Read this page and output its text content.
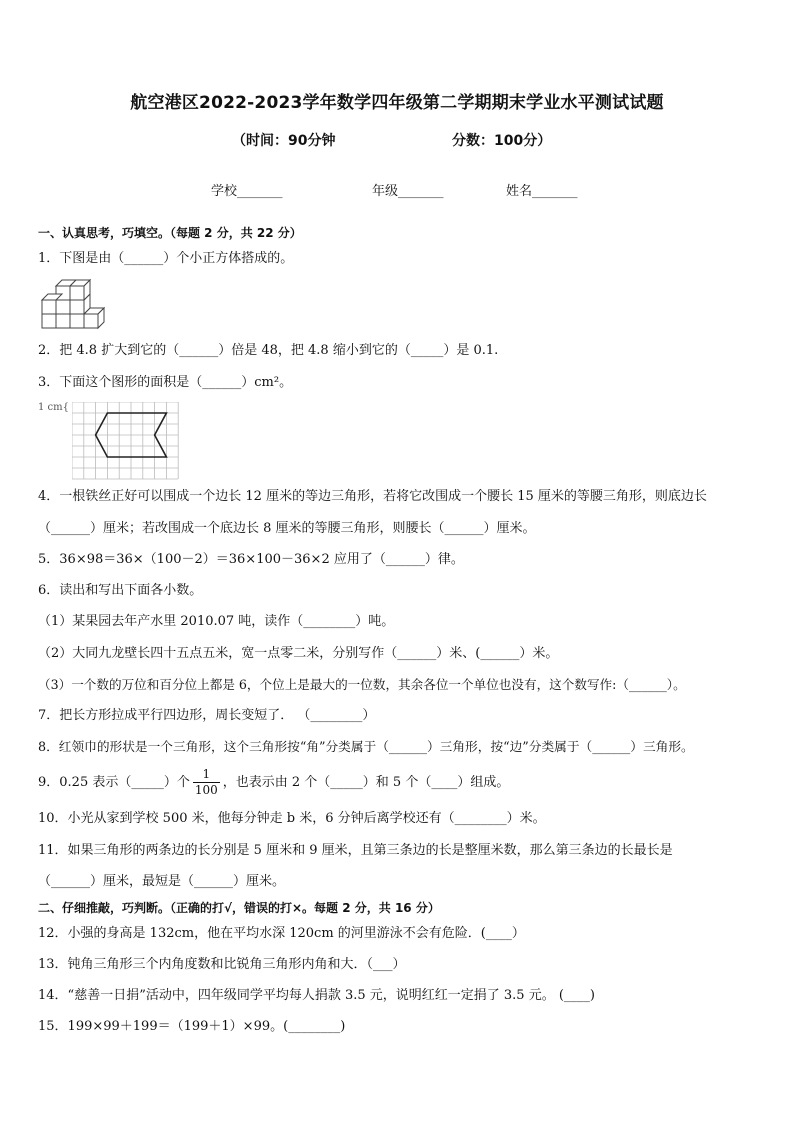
航空港区2022-2023学年数学四年级第二学期期末学业水平测试试题
（时间：90分钟	分数：100分）
学校_______	年级_______	姓名_______
一、认真思考，巧填空。（每题 2 分，共 22 分）
1．下图是由（______）个小正方体搭成的。
2．把 4.8 扩大到它的（______）倍是 48，把 4.8 缩小到它的（_____）是 0.1.
3．下面这个图形的面积是（______）cm²。
1 cm{
4．一根铁丝正好可以围成一个边长 12 厘米的等边三角形，若将它改围成一个腰长 15 厘米的等腰三角形，则底边长
（______）厘米；若改围成一个底边长 8 厘米的等腰三角形，则腰长（______）厘米。
5．36×98＝36×（100－2）＝36×100－36×2 应用了（______）律。
6．读出和写出下面各小数。
（1）某果园去年产水里 2010.07 吨，读作（________）吨。
（2）大同九龙壁长四十五点五米，宽一点零二米，分别写作（______）米、(______）米。
（3）一个数的万位和百分位上都是 6，个位上是最大的一位数，其余各位一个单位也没有，这个数写作:（______）。
7．把长方形拉成平行四边形，周长变短了． （________）
8．红领巾的形状是一个三角形，这个三角形按“角”分类属于（______）三角形，按“边”分类属于（______）三角形。
9．0.25 表示（_____）个 $\frac{1}{100}$ ，也表示由 2 个（_____）和 5 个（____）组成。
10．小光从家到学校 500 米，他每分钟走 b 米，6 分钟后离学校还有（________）米。
11．如果三角形的两条边的长分别是 5 厘米和 9 厘米，且第三条边的长是整厘米数，那么第三条边的长最长是
（______）厘米，最短是（______）厘米。
二、仔细推敲，巧判断。（正确的打√，错误的打×。每题 2 分，共 16 分）
12．小强的身高是 132cm，他在平均水深 120cm 的河里游泳不会有危险．(____）
13．钝角三角形三个内角度数和比锐角三角形内角和大．（___）
14．“慈善一日捐”活动中，四年级同学平均每人捐款 3.5 元，说明红红一定捐了 3.5 元。 (____)
15．199×99＋199＝（199＋1）×99。(________)
